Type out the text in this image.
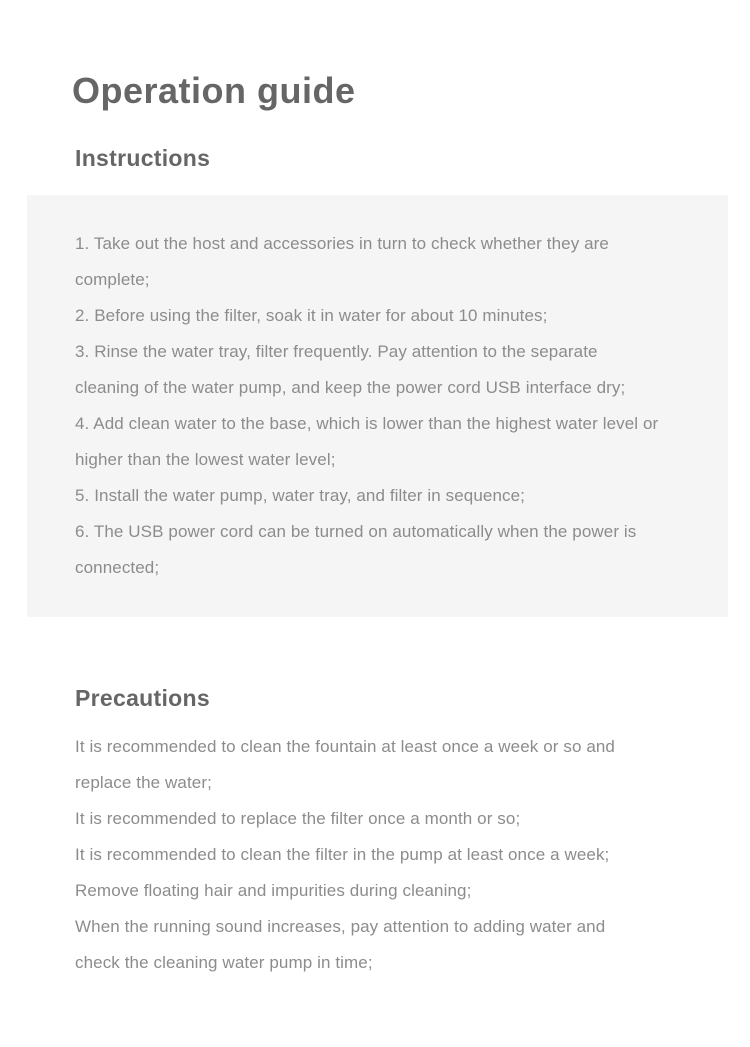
Operation guide
Instructions
1. Take out the host and accessories in turn to check whether they are
complete;
2. Before using the filter, soak it in water for about 10 minutes;
3. Rinse the water tray, filter frequently. Pay attention to the separate
cleaning of the water pump, and keep the power cord USB interface dry;
4. Add clean water to the base, which is lower than the highest water level or
higher than the lowest water level;
5. Install the water pump, water tray, and filter in sequence;
6. The USB power cord can be turned on automatically when the power is
connected;
Precautions
It is recommended to clean the fountain at least once a week or so and
replace the water;
It is recommended to replace the filter once a month or so;
It is recommended to clean the filter in the pump at least once a week;
Remove floating hair and impurities during cleaning;
When the running sound increases, pay attention to adding water and
check the cleaning water pump in time;
